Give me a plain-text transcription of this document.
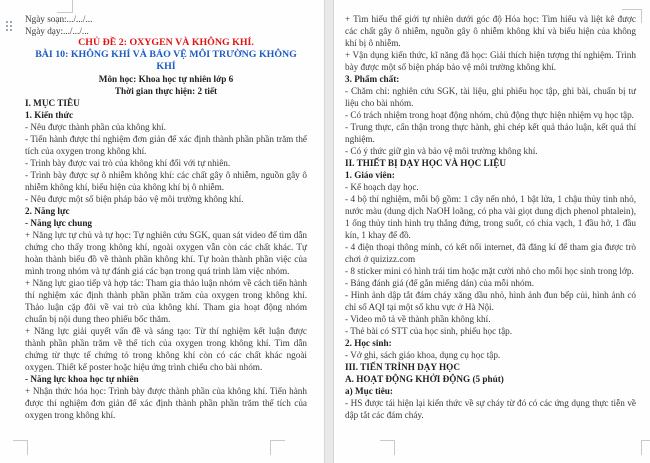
Ngày soạn:.../.../...

Ngày dạy:.../.../...

CHỦ ĐỀ 2: OXYGEN VÀ KHÔNG KHÍ.

BÀI 10: KHÔNG KHÍ VÀ BẢO VỆ MÔI TRƯỜNG KHÔNG KHÍ

Môn học: Khoa học tự nhiên lớp 6

Thời gian thực hiện: 2 tiết

I. MỤC TIÊU

1. Kiến thức

- Nêu được thành phần của không khí.

- Tiến hành được thí nghiệm đơn giản để xác định thành phần phần trăm thể tích của oxygen trong không khí.

- Trình bày được vai trò của không khí đối với tự nhiên.

- Trình bày được sự ô nhiễm không khí: các chất gây ô nhiễm, nguồn gây ô nhiễm không khí, biểu hiện của không khí bị ô nhiễm.

- Nêu được một số biện pháp bảo vệ môi trường không khí.

2. Năng lực

- Năng lực chung

+ Năng lực tự chủ và tự học: Tự nghiên cứu SGK, quan sát video để tìm dẫn chứng cho thấy trong không khí, ngoài oxygen vẫn còn các chất khác. Tự hoàn thành biểu đồ về thành phần không khí. Tự hoàn thành phần việc của mình trong nhóm và tự đánh giá các bạn trong quá trình làm việc nhóm.

+ Năng lực giao tiếp và hợp tác: Tham gia thảo luận nhóm về cách tiến hành thí nghiệm xác định thành phần phần trăm của oxygen trong không khí. Thảo luận cặp đôi về vai trò của không khí. Tham gia hoạt động nhóm chuẩn bị nội dung theo phiếu bốc thăm.

+ Năng lực giải quyết vấn đề và sáng tạo: Từ thí nghiệm kết luận được thành phần phần trăm về thể tích của oxygen trong không khí. Tìm dẫn chứng từ thực tế chứng tỏ trong không khí còn có các chất khác ngoài oxygen. Thiết kế poster hoặc hiệu ứng trình chiếu cho bài nhóm.

- Năng lực khoa học tự nhiên

+ Nhận thức hóa học: Trình bày được thành phần của không khí. Tiến hành được thí nghiệm đơn giản để xác định thành phần phần trăm thể tích của oxygen trong không khí.

+ Tìm hiểu thế giới tự nhiên dưới góc độ Hóa học: Tìm hiểu và liệt kê được các chất gây ô nhiễm, nguồn gây ô nhiễm không khí và biểu hiện của không khí bị ô nhiễm.

+ Vận dụng kiến thức, kĩ năng đã học: Giải thích hiện tượng thí nghiệm. Trình bày được một số biện pháp bảo vệ môi trường không khí.

3. Phẩm chất:

- Chăm chỉ: nghiên cứu SGK, tài liệu, ghi phiếu học tập, ghi bài, chuẩn bị tư liệu cho bài nhóm.

- Có trách nhiệm trong hoạt động nhóm, chủ động thực hiện nhiệm vụ học tập.

- Trung thực, cẩn thận trong thực hành, ghi chép kết quả thảo luận, kết quả thí nghiệm.

- Có ý thức giữ gìn và bảo vệ môi trường không khí.

II. THIẾT BỊ DẠY HỌC VÀ HỌC LIỆU

1. Giáo viên:

- Kế hoạch dạy học.

- 4 bộ thí nghiệm, mỗi bộ gồm: 1 cây nến nhỏ, 1 bật lửa, 1 chậu thủy tinh nhỏ, nước màu (dung dịch NaOH loãng, có pha vài giọt dung dịch phenol phtalein), 1 ống thủy tinh hình trụ thẳng đứng, trong suốt, có chia vạch, 1 đầu hở, 1 đầu kín, 1 khay để đồ.

- 4 điện thoại thông minh, có kết nối internet, đã đăng kí để tham gia được trò chơi ở quizizz.com

- 8 sticker mini có hình trái tim hoặc mặt cười nhỏ cho mỗi học sinh trong lớp.

- Bảng đánh giá (để gắn miếng dán) của mỗi nhóm.

- Hình ảnh dập tắt đám cháy xăng dầu nhỏ, hình ảnh đun bếp củi, hình ảnh có chỉ số AQI tại một số khu vực ở Hà Nội.

- Video mô tả về thành phần không khí.

- Thẻ bài có STT của học sinh, phiếu học tập.

2. Học sinh:

- Vở ghi, sách giáo khoa, dụng cụ học tập.

III. TIẾN TRÌNH DẠY HỌC

A. HOẠT ĐỘNG KHỞI ĐỘNG (5 phút)

a) Mục tiêu:

- HS được tái hiện lại kiến thức về sự cháy từ đó có các ứng dụng thực tiễn về dập tắt các đám cháy.
